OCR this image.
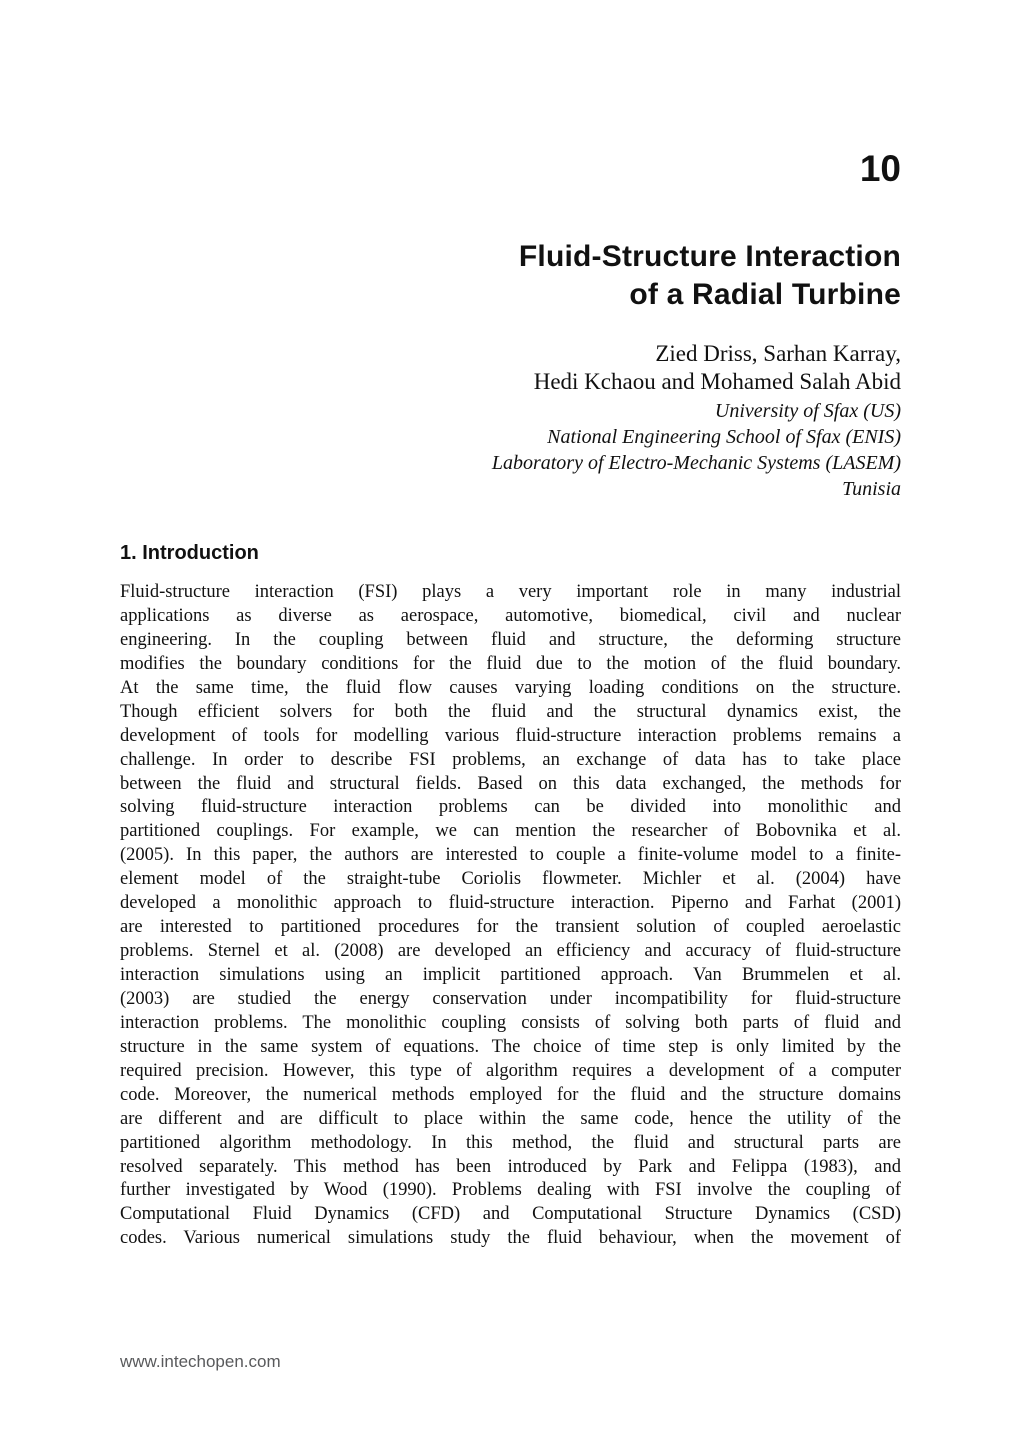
10
Fluid-Structure Interaction
of a Radial Turbine
Zied Driss, Sarhan Karray,
Hedi Kchaou and Mohamed Salah Abid
University of Sfax (US)
National Engineering School of Sfax (ENIS)
Laboratory of Electro-Mechanic Systems (LASEM)
Tunisia
1. Introduction
Fluid-structure interaction (FSI) plays a very important role in many industrial
applications as diverse as aerospace, automotive, biomedical, civil and nuclear
engineering. In the coupling between fluid and structure, the deforming structure
modifies the boundary conditions for the fluid due to the motion of the fluid boundary.
At the same time, the fluid flow causes varying loading conditions on the structure.
Though efficient solvers for both the fluid and the structural dynamics exist, the
development of tools for modelling various fluid-structure interaction problems remains a
challenge. In order to describe FSI problems, an exchange of data has to take place
between the fluid and structural fields. Based on this data exchanged, the methods for
solving fluid-structure interaction problems can be divided into monolithic and
partitioned couplings. For example, we can mention the researcher of Bobovnika et al.
(2005). In this paper, the authors are interested to couple a finite-volume model to a finite-
element model of the straight-tube Coriolis flowmeter. Michler et al. (2004) have
developed a monolithic approach to fluid-structure interaction. Piperno and Farhat (2001)
are interested to partitioned procedures for the transient solution of coupled aeroelastic
problems. Sternel et al. (2008) are developed an efficiency and accuracy of fluid-structure
interaction simulations using an implicit partitioned approach. Van Brummelen et al.
(2003) are studied the energy conservation under incompatibility for fluid-structure
interaction problems. The monolithic coupling consists of solving both parts of fluid and
structure in the same system of equations. The choice of time step is only limited by the
required precision. However, this type of algorithm requires a development of a computer
code. Moreover, the numerical methods employed for the fluid and the structure domains
are different and are difficult to place within the same code, hence the utility of the
partitioned algorithm methodology. In this method, the fluid and structural parts are
resolved separately. This method has been introduced by Park and Felippa (1983), and
further investigated by Wood (1990). Problems dealing with FSI involve the coupling of
Computational Fluid Dynamics (CFD) and Computational Structure Dynamics (CSD)
codes. Various numerical simulations study the fluid behaviour, when the movement of
www.intechopen.com
